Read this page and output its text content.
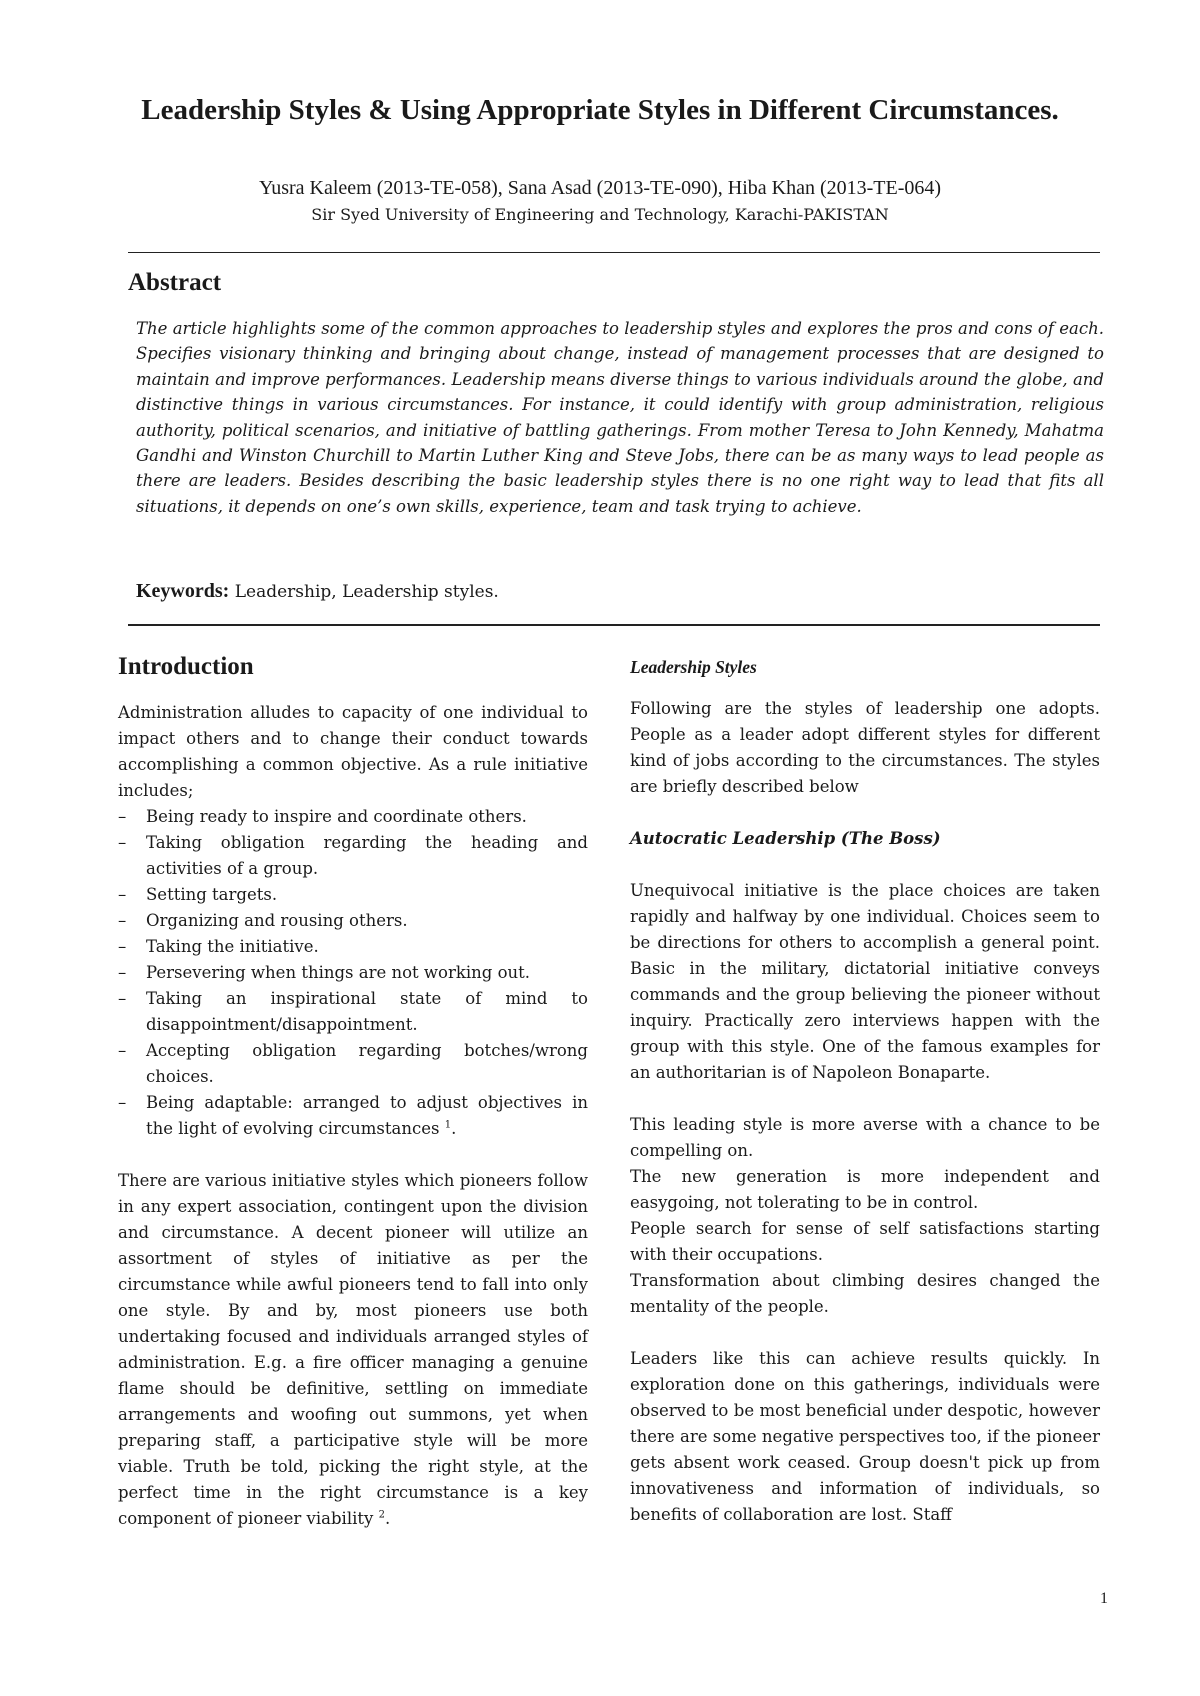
Leadership Styles & Using Appropriate Styles in Different Circumstances.

Yusra Kaleem (2013-TE-058), Sana Asad (2013-TE-090), Hiba Khan (2013-TE-064)

Sir Syed University of Engineering and Technology, Karachi-PAKISTAN

Abstract

The article highlights some of the common approaches to leadership styles and explores the pros and cons of each. Specifies visionary thinking and bringing about change, instead of management processes that are designed to maintain and improve performances. Leadership means diverse things to various individuals around the globe, and distinctive things in various circumstances. For instance, it could identify with group administration, religious authority, political scenarios, and initiative of battling gatherings. From mother Teresa to John Kennedy, Mahatma Gandhi and Winston Churchill to Martin Luther King and Steve Jobs, there can be as many ways to lead people as there are leaders. Besides describing the basic leadership styles there is no one right way to lead that fits all situations, it depends on one’s own skills, experience, team and task trying to achieve.

Keywords: Leadership, Leadership styles.

Introduction

Administration alludes to capacity of one individual to impact others and to change their conduct towards accomplishing a common objective. As a rule initiative includes;

– Being ready to inspire and coordinate others.
– Taking obligation regarding the heading and activities of a group.
– Setting targets.
– Organizing and rousing others.
– Taking the initiative.
– Persevering when things are not working out.
– Taking an inspirational state of mind to disappointment/disappointment.
– Accepting obligation regarding botches/wrong choices.
– Being adaptable: arranged to adjust objectives in the light of evolving circumstances $^1$.

There are various initiative styles which pioneers follow in any expert association, contingent upon the division and circumstance. A decent pioneer will utilize an assortment of styles of initiative as per the circumstance while awful pioneers tend to fall into only one style. By and by, most pioneers use both undertaking focused and individuals arranged styles of administration. E.g. a fire officer managing a genuine flame should be definitive, settling on immediate arrangements and woofing out summons, yet when preparing staff, a participative style will be more viable. Truth be told, picking the right style, at the perfect time in the right circumstance is a key component of pioneer viability $^2$.

Leadership Styles

Following are the styles of leadership one adopts. People as a leader adopt different styles for different kind of jobs according to the circumstances. The styles are briefly described below

Autocratic Leadership (The Boss)

Unequivocal initiative is the place choices are taken rapidly and halfway by one individual. Choices seem to be directions for others to accomplish a general point. Basic in the military, dictatorial initiative conveys commands and the group believing the pioneer without inquiry. Practically zero interviews happen with the group with this style. One of the famous examples for an authoritarian is of Napoleon Bonaparte.

This leading style is more averse with a chance to be compelling on.

The new generation is more independent and easygoing, not tolerating to be in control.

People search for sense of self satisfactions starting with their occupations.

Transformation about climbing desires changed the mentality of the people.

Leaders like this can achieve results quickly. In exploration done on this gatherings, individuals were observed to be most beneficial under despotic, however there are some negative perspectives too, if the pioneer gets absent work ceased. Group doesn't pick up from innovativeness and information of individuals, so benefits of collaboration are lost. Staff

1
